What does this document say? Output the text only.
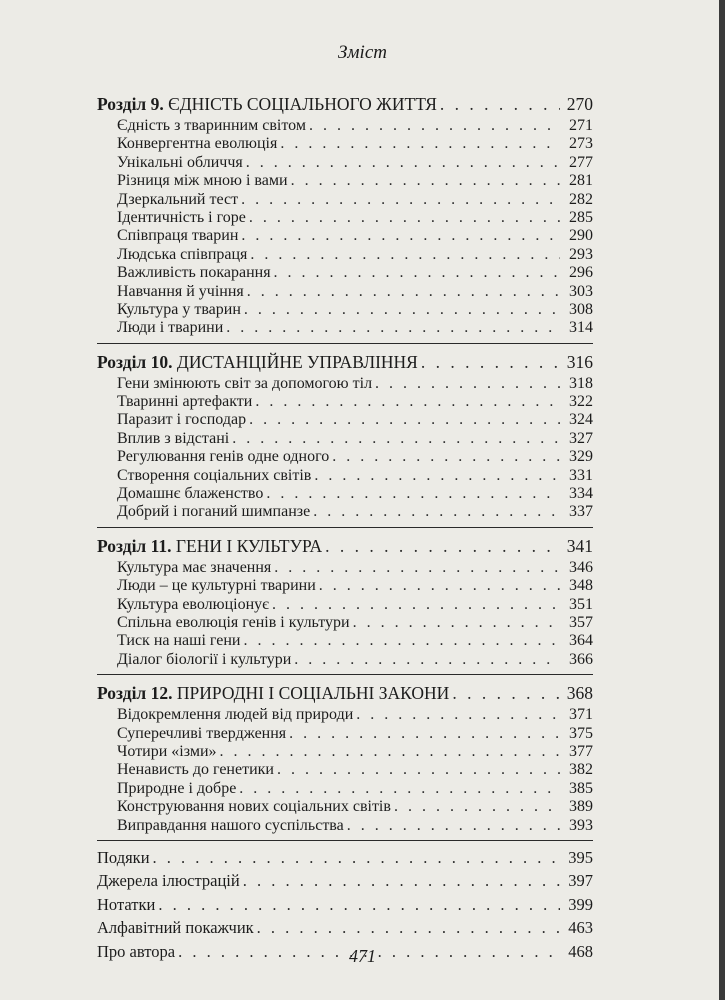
Зміст
Розділ 9. ЄДНІСТЬ СОЦІАЛЬНОГО ЖИТТЯ . . .	270
Єдність з тваринним світом . . .	271
Конвергентна еволюція . . .	273
Унікальні обличчя . . .	277
Різниця між мною і вами . . .	281
Дзеркальний тест . . .	282
Ідентичність і горе . . .	285
Співпраця тварин . . .	290
Людська співпраця . . .	293
Важливість покарання . . .	296
Навчання й учіння . . .	303
Культура у тварин . . .	308
Люди і тварини . . .	314
Розділ 10. ДИСТАНЦІЙНЕ УПРАВЛІННЯ . . .	316
Гени змінюють світ за допомогою тіл . . .	318
Тваринні артефакти . . .	322
Паразит і господар . . .	324
Вплив з відстані . . .	327
Регулювання генів одне одного . . .	329
Створення соціальних світів . . .	331
Домашнє блаженство . . .	334
Добрий і поганий шимпанзе . . .	337
Розділ 11. ГЕНИ І КУЛЬТУРА . . .	341
Культура має значення . . .	346
Люди – це культурні тварини . . .	348
Культура еволюціонує . . .	351
Спільна еволюція генів і культури . . .	357
Тиск на наші гени . . .	364
Діалог біології і культури . . .	366
Розділ 12. ПРИРОДНІ І СОЦІАЛЬНІ ЗАКОНИ . . .	368
Відокремлення людей від природи . . .	371
Суперечливі твердження . . .	375
Чотири «ізми» . . .	377
Ненависть до генетики . . .	382
Природне і добре . . .	385
Конструювання нових соціальних світів . . .	389
Виправдання нашого суспільства . . .	393
Подяки . . .	395
Джерела ілюстрацій . . .	397
Нотатки . . .	399
Алфавітний покажчик . . .	463
Про автора . . .	468
471
